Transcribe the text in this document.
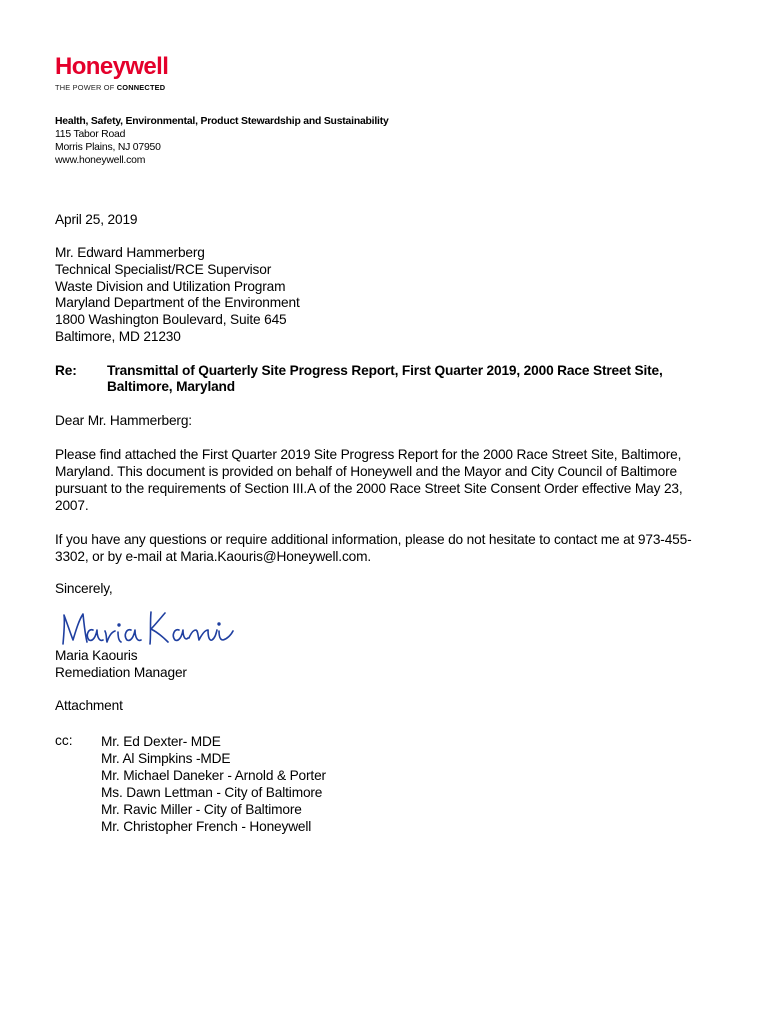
Honeywell
THE POWER OF CONNECTED
Health, Safety, Environmental, Product Stewardship and Sustainability
115 Tabor Road
Morris Plains, NJ 07950
www.honeywell.com
April 25, 2019
Mr. Edward Hammerberg
Technical Specialist/RCE Supervisor
Waste Division and Utilization Program
Maryland Department of the Environment
1800 Washington Boulevard, Suite 645
Baltimore, MD 21230
Re: Transmittal of Quarterly Site Progress Report, First Quarter 2019, 2000 Race Street Site,
Baltimore, Maryland
Dear Mr. Hammerberg:

Please find attached the First Quarter 2019 Site Progress Report for the 2000 Race Street Site, Baltimore, Maryland. This document is provided on behalf of Honeywell and the Mayor and City Council of Baltimore pursuant to the requirements of Section III.A of the 2000 Race Street Site Consent Order effective May 23, 2007.

If you have any questions or require additional information, please do not hesitate to contact me at 973-455-3302, or by e-mail at Maria.Kaouris@Honeywell.com.

Sincerely,
Maria Kaouris
Remediation Manager
Attachment
cc: Mr. Ed Dexter- MDE
Mr. Al Simpkins -MDE
Mr. Michael Daneker - Arnold & Porter
Ms. Dawn Lettman - City of Baltimore
Mr. Ravic Miller - City of Baltimore
Mr. Christopher French - Honeywell
